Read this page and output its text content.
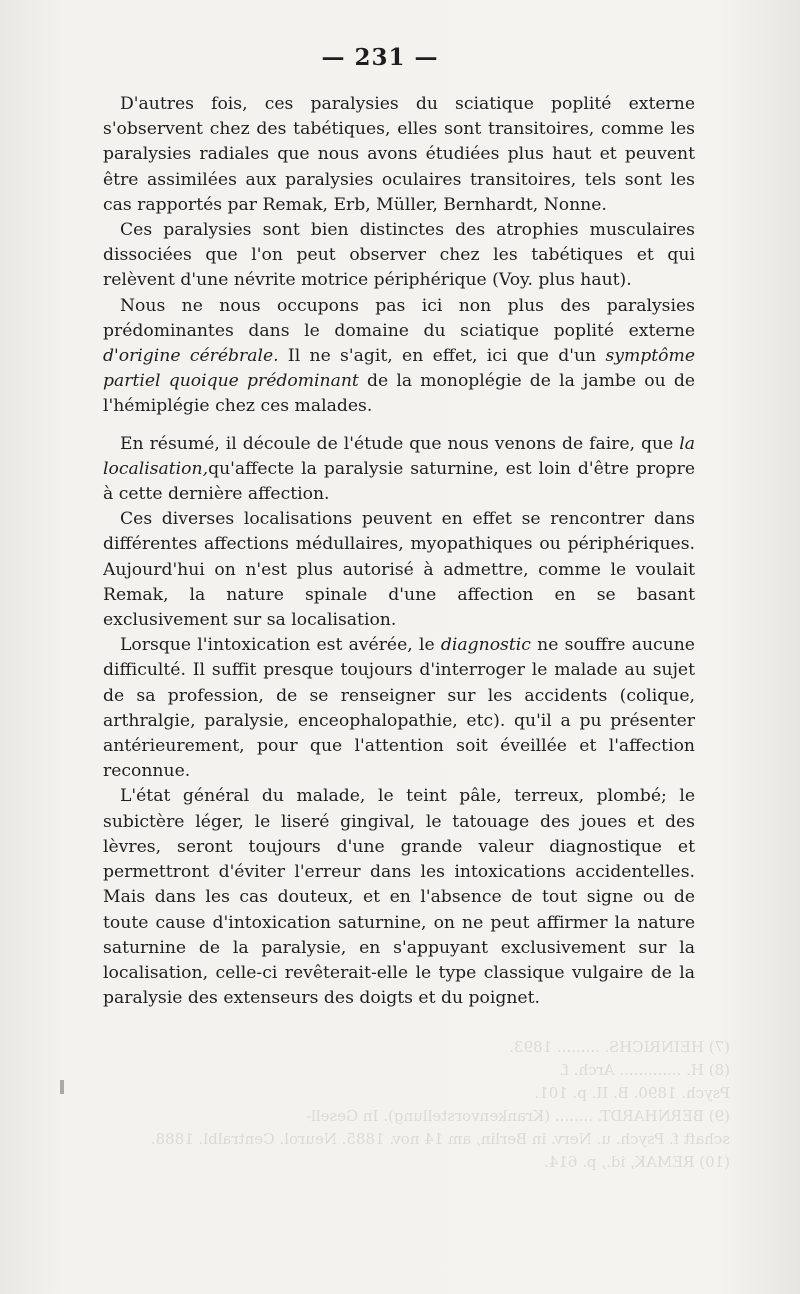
(7) HEINRICHS. ......... 1893.
(8) H. ............. Arch. f.
Psych. 1890. B. II. p. 101.
(9) BERNHARDT. ........ (Krankenvorstellung). In Gesell-
schaft f. Psych. u. Nerv. in Berlin, am 14 nov. 1885. Neurol. Centralbl. 1888.
(10) REMAK, id., p. 614.
— 231 —

D'autres fois, ces paralysies du sciatique poplité externe s'observent chez des tabétiques, elles sont transitoires, comme les paralysies radiales que nous avons étudiées plus haut et peuvent être assimilées aux paralysies oculaires transitoires, tels sont les cas rapportés par Remak, Erb, Müller, Bernhardt, Nonne.

Ces paralysies sont bien distinctes des atrophies musculaires dissociées que l'on peut observer chez les tabétiques et qui relèvent d'une névrite motrice périphérique (Voy. plus haut).

Nous ne nous occupons pas ici non plus des paralysies prédominantes dans le domaine du sciatique poplité externe d'origine cérébrale. Il ne s'agit, en effet, ici que d'un symptôme partiel quoique prédominant de la monoplégie de la jambe ou de l'hémiplégie chez ces malades.

En résumé, il découle de l'étude que nous venons de faire, que la localisation,qu'affecte la paralysie saturnine, est loin d'être propre à cette dernière affection.

Ces diverses localisations peuvent en effet se rencontrer dans différentes affections médullaires, myopathiques ou périphériques. Aujourd'hui on n'est plus autorisé à admettre, comme le voulait Remak, la nature spinale d'une affection en se basant exclusivement sur sa localisation.

Lorsque l'intoxication est avérée, le diagnostic ne souffre aucune difficulté. Il suffit presque toujours d'interroger le malade au sujet de sa profession, de se renseigner sur les accidents (colique, arthralgie, paralysie, enceophalopathie, etc). qu'il a pu présenter antérieurement, pour que l'attention soit éveillée et l'affection reconnue.

L'état général du malade, le teint pâle, terreux, plombé; le subictère léger, le liseré gingival, le tatouage des joues et des lèvres, seront toujours d'une grande valeur diagnostique et permettront d'éviter l'erreur dans les intoxications accidentelles. Mais dans les cas douteux, et en l'absence de tout signe ou de toute cause d'intoxication saturnine, on ne peut affirmer la nature saturnine de la paralysie, en s'appuyant exclusivement sur la localisation, celle-ci revêterait-elle le type classique vulgaire de la paralysie des extenseurs des doigts et du poignet.
